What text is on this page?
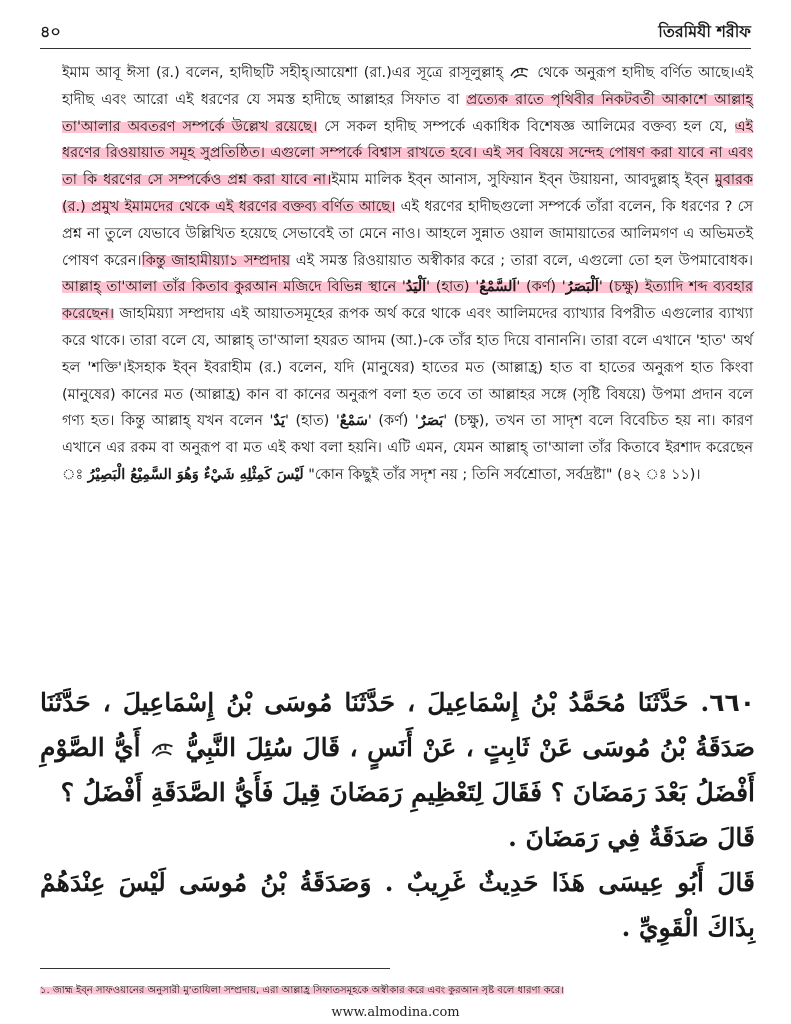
৪০	তিরমিযী শরীফ

ইমাম আবূ ঈসা (র.) বলেন, হাদীছটি সহীহ্।আয়েশা (রা.)এর সূত্রে রাসূলুল্লাহ্  থেকে অনুরূপ হাদীছ বর্ণিত আছে।এই হাদীছ এবং আরো এই ধরণের যে সমস্ত হাদীছে আল্লাহর সিফাত বা প্রত্যেক রাতে পৃথিবীর নিকটবর্তী আকাশে আল্লাহ্ তা'আলার অবতরণ সম্পর্কে উল্লেখ রয়েছে। সে সকল হাদীছ সম্পর্কে একাধিক বিশেষজ্ঞ আলিমের বক্তব্য হল যে, এই ধরণের রিওয়ায়াত সমূহ সুপ্রতিষ্ঠিত। এগুলো সম্পর্কে বিশ্বাস রাখতে হবে। এই সব বিষয়ে সন্দেহ পোষণ করা যাবে না এবং তা কি ধরণের সে সম্পর্কেও প্রশ্ন করা যাবে না।ইমাম মালিক ইব্ন আনাস, সুফিয়ান ইব্ন উয়ায়না, আবদুল্লাহ্ ইব্ন মুবারক (র.) প্রমুখ ইমামদের থেকে এই ধরণের বক্তব্য বর্ণিত আছে। এই ধরণের হাদীছগুলো সম্পর্কে তাঁরা বলেন, কি ধরণের ? সে প্রশ্ন না তুলে যেভাবে উল্লিখিত হয়েছে সেভাবেই তা মেনে নাও। আহলে সুন্নাত ওয়াল জামায়াতের আলিমগণ এ অভিমতই পোষণ করেন।কিন্তু জাহামীয়্যা১ সম্প্রদায় এই সমস্ত রিওয়ায়াত অস্বীকার করে ; তারা বলে, এগুলো তো হল উপমাবোধক। আল্লাহ্ তা'আলা তাঁর কিতাব কুরআন মজিদে বিভিন্ন স্থানে 'اَلْيَدُ' (হাত) 'اَلسَّمْعُ' (কর্ণ) 'اَلْبَصَرُ' (চক্ষু) ইত্যাদি শব্দ ব্যবহার করেছেন। জাহমিয়্যা সম্প্রদায় এই আয়াতসমূহের রূপক অর্থ করে থাকে এবং আলিমদের ব্যাখ্যার বিপরীত এগুলোর ব্যাখ্যা করে থাকে। তারা বলে যে, আল্লাহ্ তা'আলা হযরত আদম (আ.)-কে তাঁর হাত দিয়ে বানাননি। তারা বলে এখানে 'হাত' অর্থ হল 'শক্তি'।ইসহাক ইব্ন ইবরাহীম (র.) বলেন, যদি (মানুষের) হাতের মত (আল্লাহ্র) হাত বা হাতের অনুরূপ হাত কিংবা (মানুষের) কানের মত (আল্লাহ্র) কান বা কানের অনুরূপ বলা হত তবে তা আল্লাহর সঙ্গে (সৃষ্টি বিষয়ে) উপমা প্রদান বলে গণ্য হত। কিন্তু আল্লাহ্ যখন বলেন 'يَدٌ' (হাত) 'سَمْعٌ' (কর্ণ) 'بَصَرٌ' (চক্ষু), তখন তা সাদৃশ বলে বিবেচিত হয় না। কারণ এখানে এর রকম বা অনুরূপ বা মত এই কথা বলা হয়নি। এটি এমন, যেমন আল্লাহ্ তা'আলা তাঁর কিতাবে ইরশাদ করেছেন ঃ لَيْسَ كَمِثْلِهِ شَيْءٌ وَهُوَ السَّمِيْعُ الْبَصِيْرُ "কোন কিছুই তাঁর সদৃশ নয় ; তিনি সর্বশ্রোতা, সর্বদ্রষ্টা" (৪২ ঃ ১১)।

٦٦٠. حَدَّثَنَا مُحَمَّدُ بْنُ إِسْمَاعِيلَ ، حَدَّثَنَا مُوسَى بْنُ إِسْمَاعِيلَ ، حَدَّثَنَا صَدَقَةُ بْنُ مُوسَى عَنْ ثَابِتٍ ، عَنْ أَنَسٍ ، قَالَ سُئِلَ النَّبِيُّ  أَيُّ الصَّوْمِ أَفْضَلُ بَعْدَ رَمَضَانَ ؟ فَقَالَ لِتَعْظِيمِ رَمَضَانَ قِيلَ فَأَيُّ الصَّدَقَةِ أَفْضَلُ ؟

قَالَ صَدَقَةٌ فِي رَمَضَانَ .

قَالَ أَبُو عِيسَى هَذَا حَدِيثٌ غَرِيبٌ . وَصَدَقَةُ بْنُ مُوسَى لَيْسَ عِنْدَهُمْ بِذَاكَ الْقَوِيِّ .

১. জাহ্ম ইব্ন সাফওয়ানের অনুসারী মু'তাযিলা সম্প্রদায়, এরা আল্লাহ্র সিফাতসমূহকে অস্বীকার করে এবং কুরআন সৃষ্ট বলে ধারণা করে।
www.almodina.com
